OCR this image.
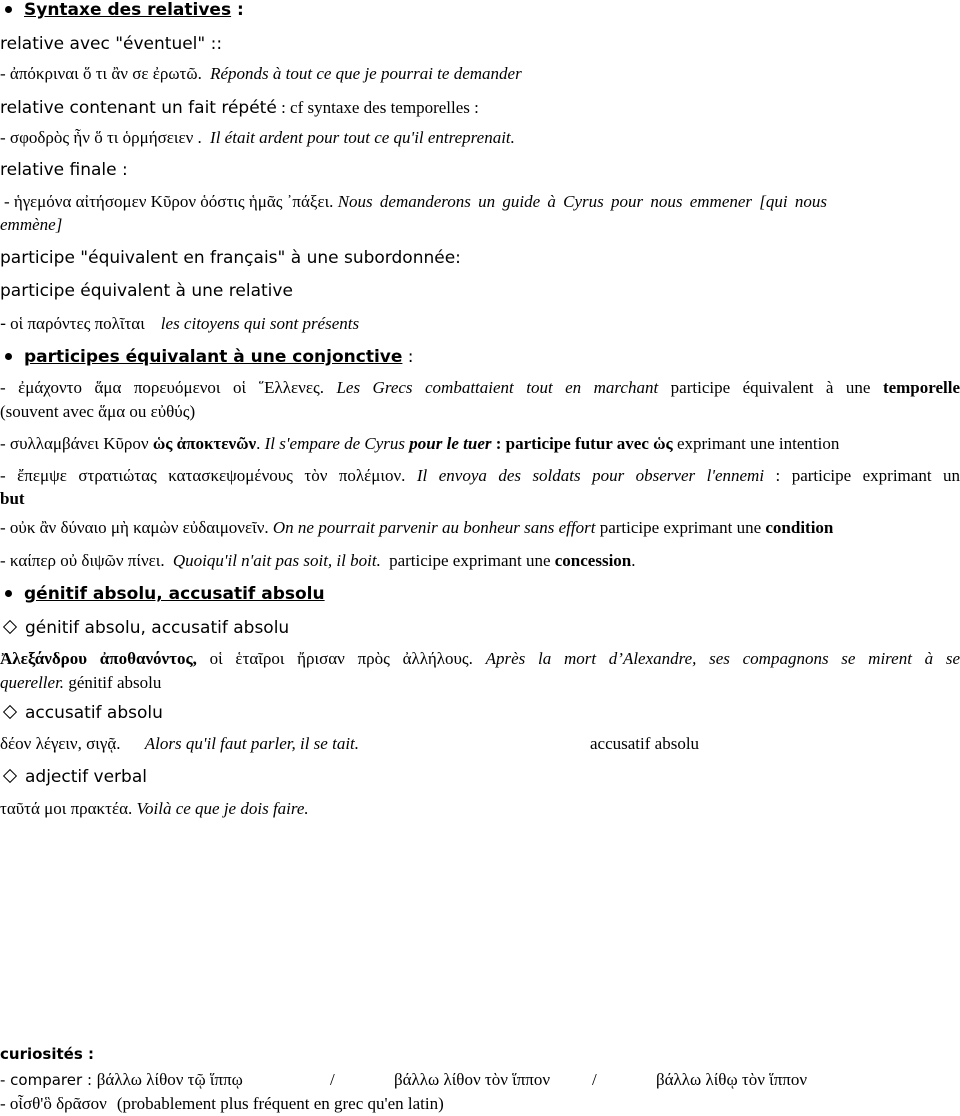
Syntaxe des relatives :
relative avec "éventuel" ::
- ἀπόκριναι ὅ τι ἂν σε ἐρωτῶ. Réponds à tout ce que je pourrai te demander
relative contenant un fait répété : cf syntaxe des temporelles :
- σφοδρὸς ἦν ὅ τι ὁρμήσειεν . Il était ardent pour tout ce qu'il entreprenait.
relative finale :
- ἡγεμόνα αἰτήσομεν Κῦρον ὁόστις ἡμᾶς ᾽πάξει. Nous demanderons un guide à Cyrus pour nous emmener [qui nous
emmène]
participe "équivalent en français" à une subordonnée:
participe équivalent à une relative
- οἱ παρόντες πολῖται les citoyens qui sont présents
participes équivalant à une conjonctive :
- ἐμάχοντο ἅμα πορευόμενοι οἱ ῞Ελλενες. Les Grecs combattaient tout en marchant participe équivalent à une temporelle
(souvent avec ἅμα ou εὐθύς)
- συλλαμβάνει Κῦρον ὡς ἀποκτενῶν. Il s'empare de Cyrus pour le tuer : participe futur avec ὡς exprimant une intention
- ἔπεμψε στρατιώτας κατασκεψομένους τὸν πολέμιον. Il envoya des soldats pour observer l'ennemi : participe exprimant un
but
- οὐκ ἂν δύναιο μὴ καμὼν εὐδαιμονεῖν. On ne pourrait parvenir au bonheur sans effort participe exprimant une condition
- καίπερ οὐ διψῶν πίνει. Quoiqu'il n'ait pas soit, il boit. participe exprimant une concession.
génitif absolu, accusatif absolu
génitif absolu, accusatif absolu
Ἀλεξάνδρου ἀποθανόντος, οἱ ἑταῖροι ἤρισαν πρὸς ἀλλήλους. Après la mort d’Alexandre, ses compagnons se mirent à se
quereller. génitif absolu
accusatif absolu
δέον λέγειν, σιγᾷ. Alors qu'il faut parler, il se tait.	accusatif absolu
adjectif verbal
ταῦτά μοι πρακτέα. Voilà ce que je dois faire.
curiosités :
- comparer : βάλλω λίθον τῷ ἵππῳ	/	βάλλω λίθον τὸν ἵππον /	βάλλω λίθῳ τὸν ἵππον
- οἶσθ'ὃ δρᾶσον (probablement plus fréquent en grec qu'en latin)
